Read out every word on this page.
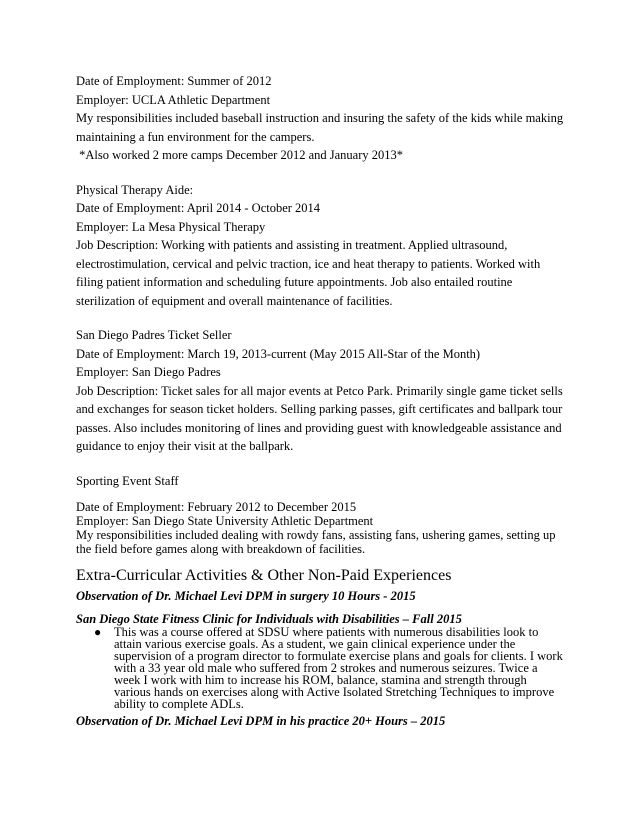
Date of Employment: Summer of 2012
Employer: UCLA Athletic Department
My responsibilities included baseball instruction and insuring the safety of the kids while making
maintaining a fun environment for the campers.
*Also worked 2 more camps December 2012 and January 2013*
Physical Therapy Aide:
Date of Employment: April 2014 - October 2014
Employer: La Mesa Physical Therapy
Job Description: Working with patients and assisting in treatment. Applied ultrasound,
electrostimulation, cervical and pelvic traction, ice and heat therapy to patients. Worked with
filing patient information and scheduling future appointments. Job also entailed routine
sterilization of equipment and overall maintenance of facilities.
San Diego Padres Ticket Seller
Date of Employment: March 19, 2013-current (May 2015 All-Star of the Month)
Employer: San Diego Padres
Job Description: Ticket sales for all major events at Petco Park. Primarily single game ticket sells
and exchanges for season ticket holders. Selling parking passes, gift certificates and ballpark tour
passes. Also includes monitoring of lines and providing guest with knowledgeable assistance and
guidance to enjoy their visit at the ballpark.
Sporting Event Staff
Date of Employment: February 2012 to December 2015
Employer: San Diego State University Athletic Department
My responsibilities included dealing with rowdy fans, assisting fans, ushering games, setting up the field before games along with breakdown of facilities.
Extra-Curricular Activities & Other Non-Paid Experiences
Observation of Dr. Michael Levi DPM in surgery 10 Hours - 2015
San Diego State Fitness Clinic for Individuals with Disabilities – Fall 2015
●	This was a course offered at SDSU where patients with numerous disabilities look to attain various exercise goals. As a student, we gain clinical experience under the supervision of a program director to formulate exercise plans and goals for clients. I work with a 33 year old male who suffered from 2 strokes and numerous seizures. Twice a week I work with him to increase his ROM, balance, stamina and strength through various hands on exercises along with Active Isolated Stretching Techniques to improve ability to complete ADLs.
Observation of Dr. Michael Levi DPM in his practice 20+ Hours – 2015
